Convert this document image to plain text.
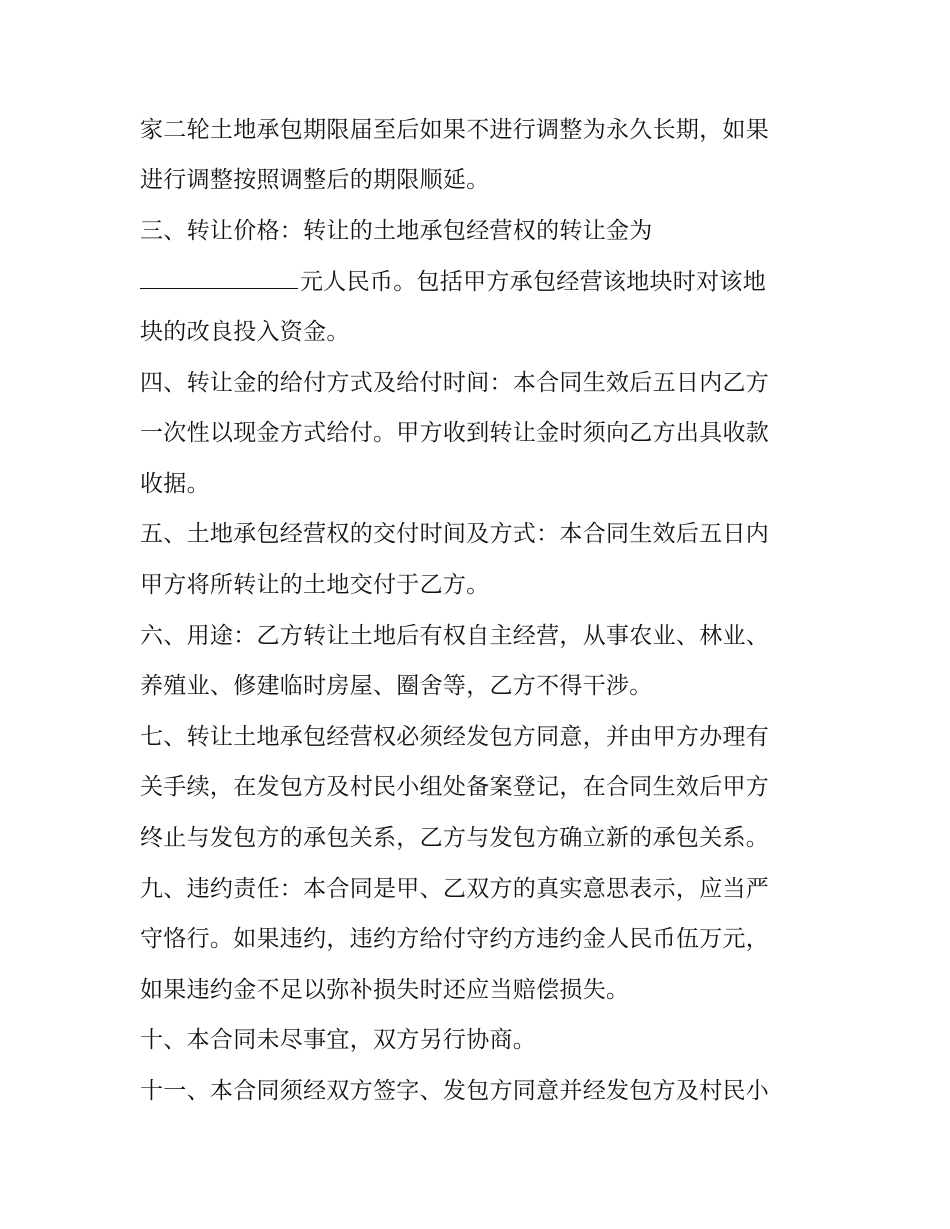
家二轮土地承包期限届至后如果不进行调整为永久长期，如果
进行调整按照调整后的期限顺延。
三、转让价格：转让的土地承包经营权的转让金为
元人民币。包括甲方承包经营该地块时对该地
块的改良投入资金。
四、转让金的给付方式及给付时间：本合同生效后五日内乙方
一次性以现金方式给付。甲方收到转让金时须向乙方出具收款
收据。
五、土地承包经营权的交付时间及方式：本合同生效后五日内
甲方将所转让的土地交付于乙方。
六、用途：乙方转让土地后有权自主经营，从事农业、林业、
养殖业、修建临时房屋、圈舍等，乙方不得干涉。
七、转让土地承包经营权必须经发包方同意，并由甲方办理有
关手续，在发包方及村民小组处备案登记，在合同生效后甲方
终止与发包方的承包关系，乙方与发包方确立新的承包关系。
九、违约责任：本合同是甲、乙双方的真实意思表示，应当严
守恪行。如果违约，违约方给付守约方违约金人民币伍万元，
如果违约金不足以弥补损失时还应当赔偿损失。
十、本合同未尽事宜，双方另行协商。
十一、本合同须经双方签字、发包方同意并经发包方及村民小
